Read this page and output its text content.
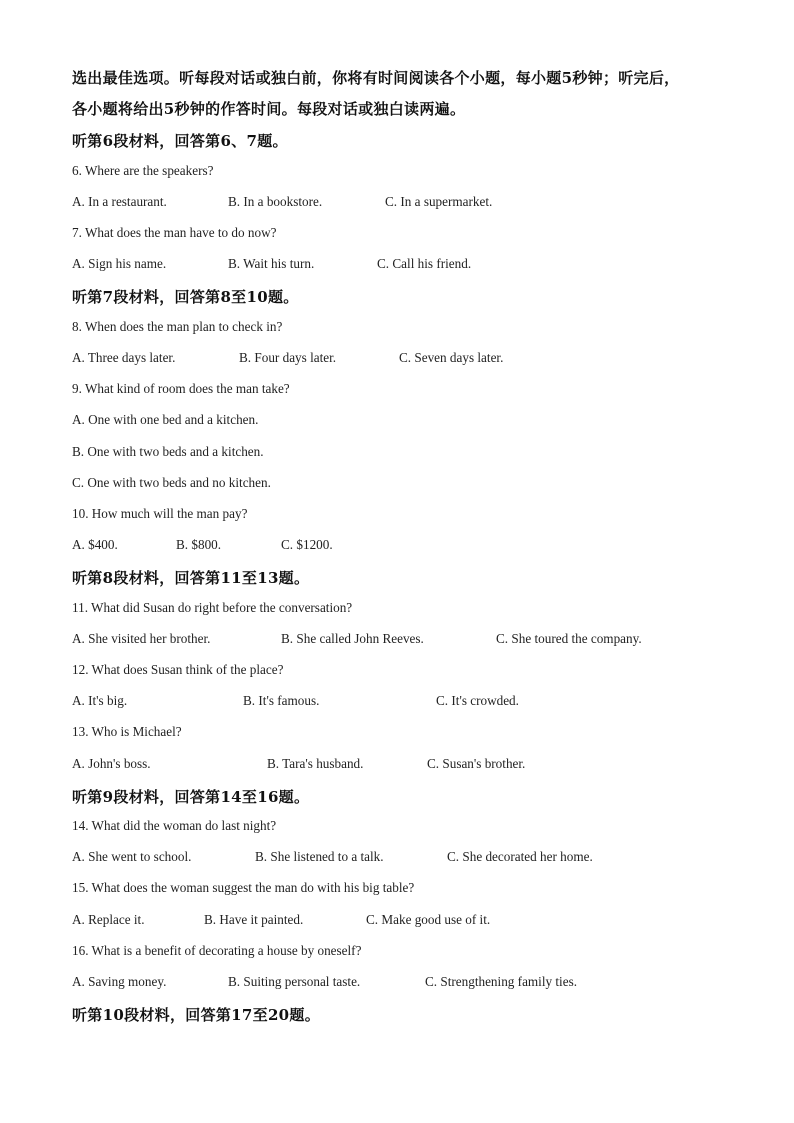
选出最佳选项。听每段对话或独白前，你将有时间阅读各个小题，每小题5秒钟；听完后，
各小题将给出5秒钟的作答时间。每段对话或独白读两遍。
听第6段材料，回答第6、7题。
6. Where are the speakers?
A. In a restaurant.	B. In a bookstore.	C. In a supermarket.
7. What does the man have to do now?
A. Sign his name.	B. Wait his turn.	C. Call his friend.
听第7段材料，回答第8至10题。
8. When does the man plan to check in?
A. Three days later.	B. Four days later.	C. Seven days later.
9. What kind of room does the man take?
A. One with one bed and a kitchen.
B. One with two beds and a kitchen.
C. One with two beds and no kitchen.
10. How much will the man pay?
A. $400.	B. $800.	C. $1200.
听第8段材料，回答第11至13题。
11. What did Susan do right before the conversation?
A. She visited her brother.	B. She called John Reeves.	C. She toured the company.
12. What does Susan think of the place?
A. It's big.	B. It's famous.	C. It's crowded.
13. Who is Michael?
A. John's boss.	B. Tara's husband.	C. Susan's brother.
听第9段材料，回答第14至16题。
14. What did the woman do last night?
A. She went to school.	B. She listened to a talk.	C. She decorated her home.
15. What does the woman suggest the man do with his big table?
A. Replace it.	B. Have it painted.	C. Make good use of it.
16. What is a benefit of decorating a house by oneself?
A. Saving money.	B. Suiting personal taste.	C. Strengthening family ties.
听第10段材料，回答第17至20题。
